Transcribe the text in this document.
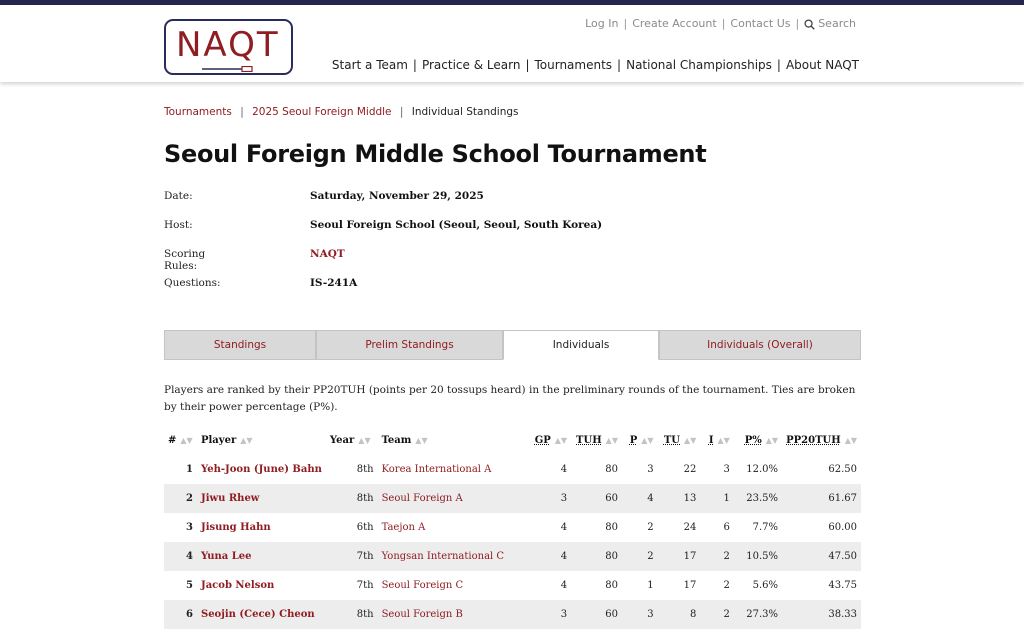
NAQT
Log In | Create Account | Contact Us |	Search
Start a Team | Practice & Learn | Tournaments | National Championships | About NAQT
Tournaments | 2025 Seoul Foreign Middle | Individual Standings
Seoul Foreign Middle School Tournament
Date:	Saturday, November 29, 2025
Host:	Seoul Foreign School (Seoul, Seoul, South Korea)
Scoring Rules:
NAQT
Questions:	IS-241A
Standings	Prelim Standings	Individuals	Individuals (Overall)

Players are ranked by their PP20TUH (points per 20 tossups heard) in the preliminary rounds of the tournament. Ties are broken by their power percentage (P%).

# ▲▼	Player ▲▼	Year ▲▼	Team ▲▼	GP ▲▼	TUH ▲▼	P ▲▼	TU ▲▼	I ▲▼	P% ▲▼	PP20TUH ▲▼
1	Yeh-Joon (June) Bahn	8th	Korea International A	4	80	3	22	3	12.0%	62.50
2	Jiwu Rhew	8th	Seoul Foreign A	3	60	4	13	1	23.5%	61.67
3	Jisung Hahn	6th	Taejon A	4	80	2	24	6	7.7%	60.00
4	Yuna Lee	7th	Yongsan International C	4	80	2	17	2	10.5%	47.50
5	Jacob Nelson	7th	Seoul Foreign C	4	80	1	17	2	5.6%	43.75
6	Seojin (Cece) Cheon	8th	Seoul Foreign B	3	60	3	8	2	27.3%	38.33
